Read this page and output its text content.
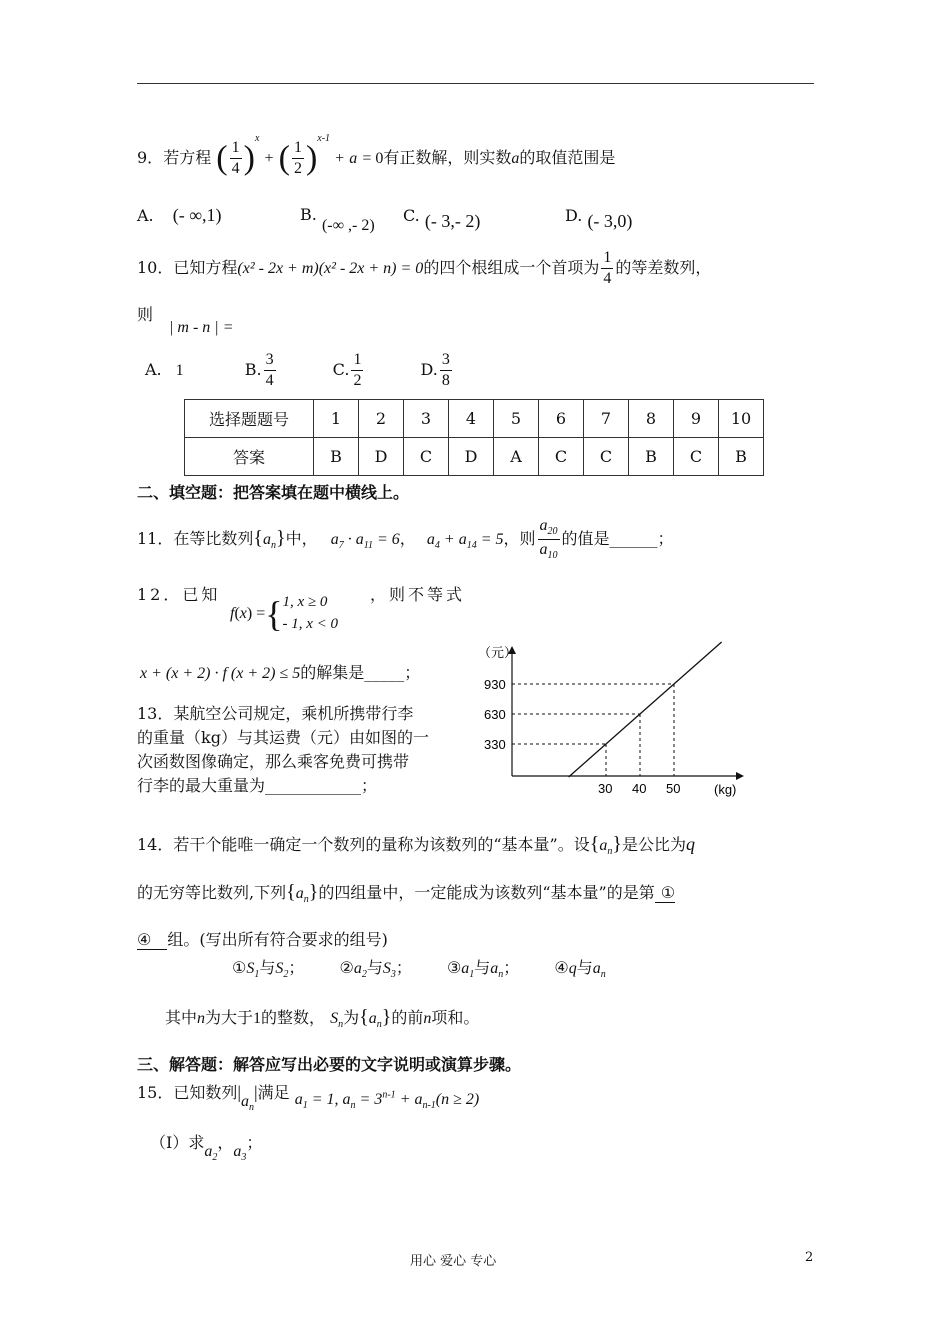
9．若方程 ( $\frac{1}{4} )^x$ + ( $\frac{1}{2} )^{x-1} + a = 0$有正数解，则实数a的取值范围是
A. (- ∞,1)	B. (-∞ ,- 2)
C. (- 3,- 2)	D. (- 3,0)
10．已知方程(x² - 2x + m)(x² - 2x + n) = 0的四个根组成一个首项为 $\frac{1}{4}$ 的等差数列，
则| m - n | =
A. 1	B. $\frac{3}{4}$	C. $\frac{1}{2}$	D. $\frac{3}{8}$
选择题题号	1	2	3	4	5	6	7	8	9	10
答案	B	D	C	D	A	C	C	B	C	B
二、填空题：把答案填在题中横线上。
11．在等比数列$\{a_n\}$中， $a_7 \cdot a_{11} = 6$， $a_4 + a_{14} = 5$，则 $\frac{a_{20}}{a_{10}}$ 的值是______；
12．已知	，则不等式
f(x) ={ 1, x ≥ 0
- 1, x < 0
x + (x + 2) · f (x + 2) ≤ 5的解集是_____；
13．某航空公司规定，乘机所携带行李
的重量（kg）与其运费（元）由如图的一
次函数图像确定，那么乘客免费可携带
行李的最大重量为____________；
（元）
(kg)
330
30
630
40
930
50
14．若干个能唯一确定一个数列的量称为该数列的“基本量”。设$\{a_n\}$是公比为q
的无穷等比数列,下列$\{a_n\}$的四组量中，一定能成为该数列“基本量”的是第 ①
④ 组。(写出所有符合要求的组号)
$①S_1$与$S_2$； $②a_2$与$S_3$； $③a_1$与$a_n$； ④q与$a_n$
其中n为大于1的整数， $S_n$为$\{a_n\}$的前n项和。
三、解答题：解答应写出必要的文字说明或演算步骤。
15．已知数列$|a_n|$满足 $a_1 = 1$, $a_n = 3^{n-1} + a_{n-1}(n \ge 2)$
（I）求$a_2$，$a_3$；
用心 爱心 专心	2
